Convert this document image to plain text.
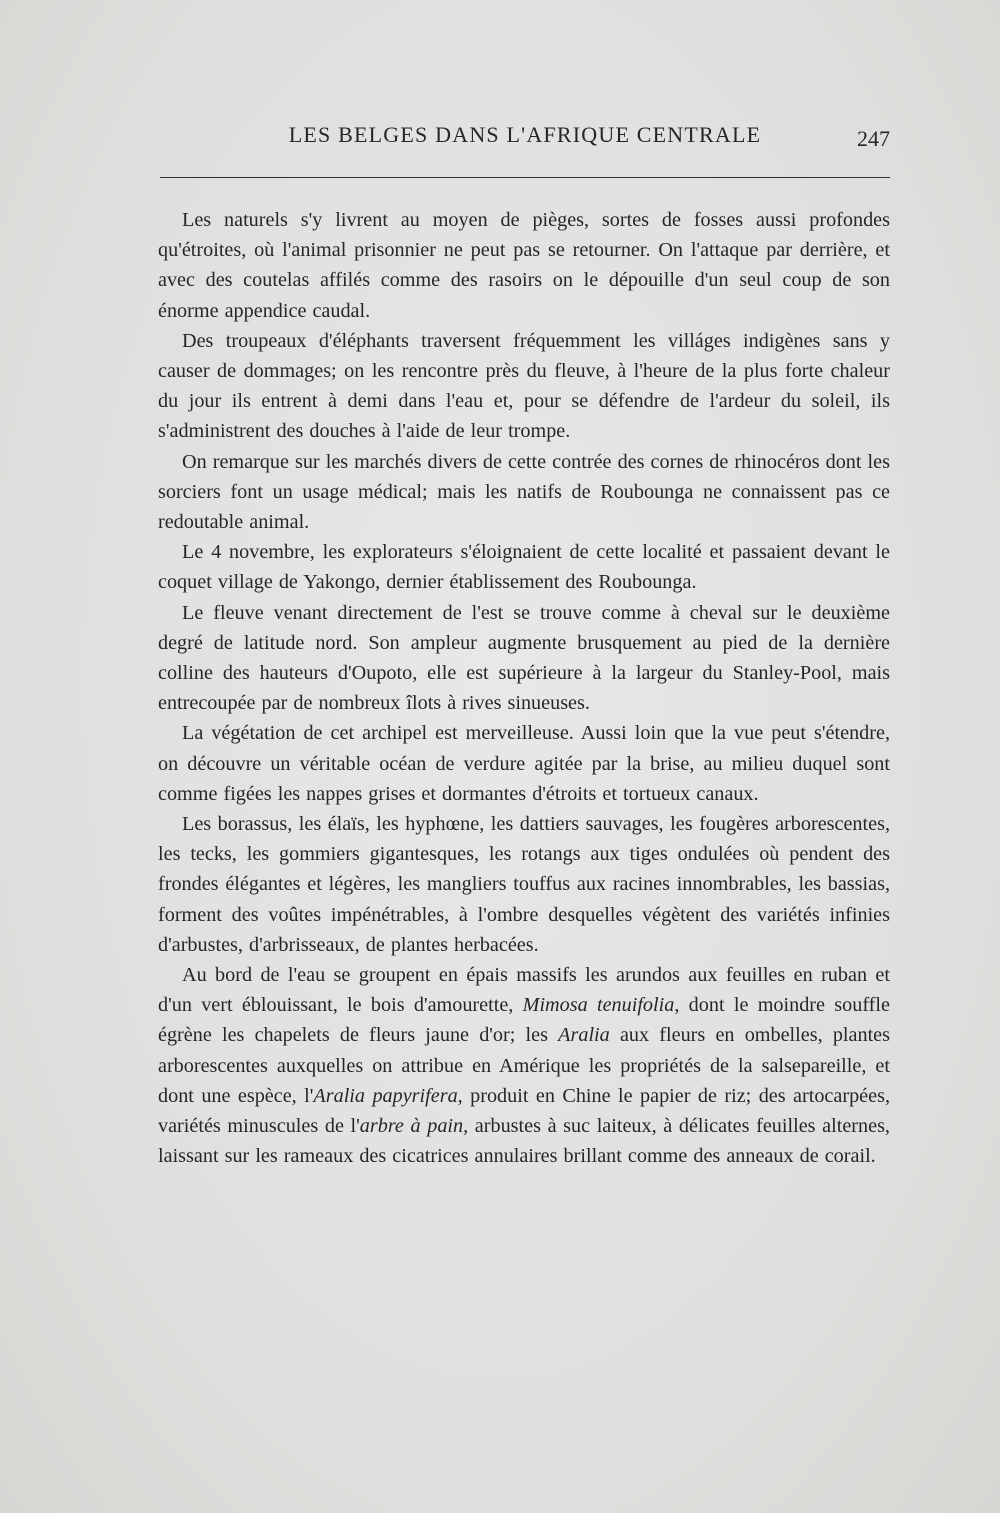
LES BELGES DANS L'AFRIQUE CENTRALE	247

Les naturels s'y livrent au moyen de pièges, sortes de fosses aussi profondes qu'étroites, où l'animal prisonnier ne peut pas se retourner. On l'attaque par derrière, et avec des coutelas affilés comme des rasoirs on le dépouille d'un seul coup de son énorme appendice caudal.

Des troupeaux d'éléphants traversent fréquemment les villáges indigènes sans y causer de dommages; on les rencontre près du fleuve, à l'heure de la plus forte chaleur du jour ils entrent à demi dans l'eau et, pour se défendre de l'ardeur du soleil, ils s'administrent des douches à l'aide de leur trompe.

On remarque sur les marchés divers de cette contrée des cornes de rhinocéros dont les sorciers font un usage médical; mais les natifs de Roubounga ne connaissent pas ce redoutable animal.

Le 4 novembre, les explorateurs s'éloignaient de cette localité et passaient devant le coquet village de Yakongo, dernier établissement des Roubounga.

Le fleuve venant directement de l'est se trouve comme à cheval sur le deuxième degré de latitude nord. Son ampleur augmente brusquement au pied de la dernière colline des hauteurs d'Oupoto, elle est supérieure à la largeur du Stanley-Pool, mais entrecoupée par de nombreux îlots à rives sinueuses.

La végétation de cet archipel est merveilleuse. Aussi loin que la vue peut s'étendre, on découvre un véritable océan de verdure agitée par la brise, au milieu duquel sont comme figées les nappes grises et dormantes d'étroits et tortueux canaux.

Les borassus, les élaïs, les hyphœne, les dattiers sauvages, les fougères arborescentes, les tecks, les gommiers gigantesques, les rotangs aux tiges ondulées où pendent des frondes élégantes et légères, les mangliers touffus aux racines innombrables, les bassias, forment des voûtes impénétrables, à l'ombre desquelles végètent des variétés infinies d'arbustes, d'arbrisseaux, de plantes herbacées.

Au bord de l'eau se groupent en épais massifs les arundos aux feuilles en ruban et d'un vert éblouissant, le bois d'amourette, Mimosa tenuifolia, dont le moindre souffle égrène les chapelets de fleurs jaune d'or; les Aralia aux fleurs en ombelles, plantes arborescentes auxquelles on attribue en Amérique les propriétés de la salsepareille, et dont une espèce, l'Aralia papyrifera, produit en Chine le papier de riz; des artocarpées, variétés minuscules de l'arbre à pain, arbustes à suc laiteux, à délicates feuilles alternes, laissant sur les rameaux des cicatrices annulaires brillant comme des anneaux de corail.
